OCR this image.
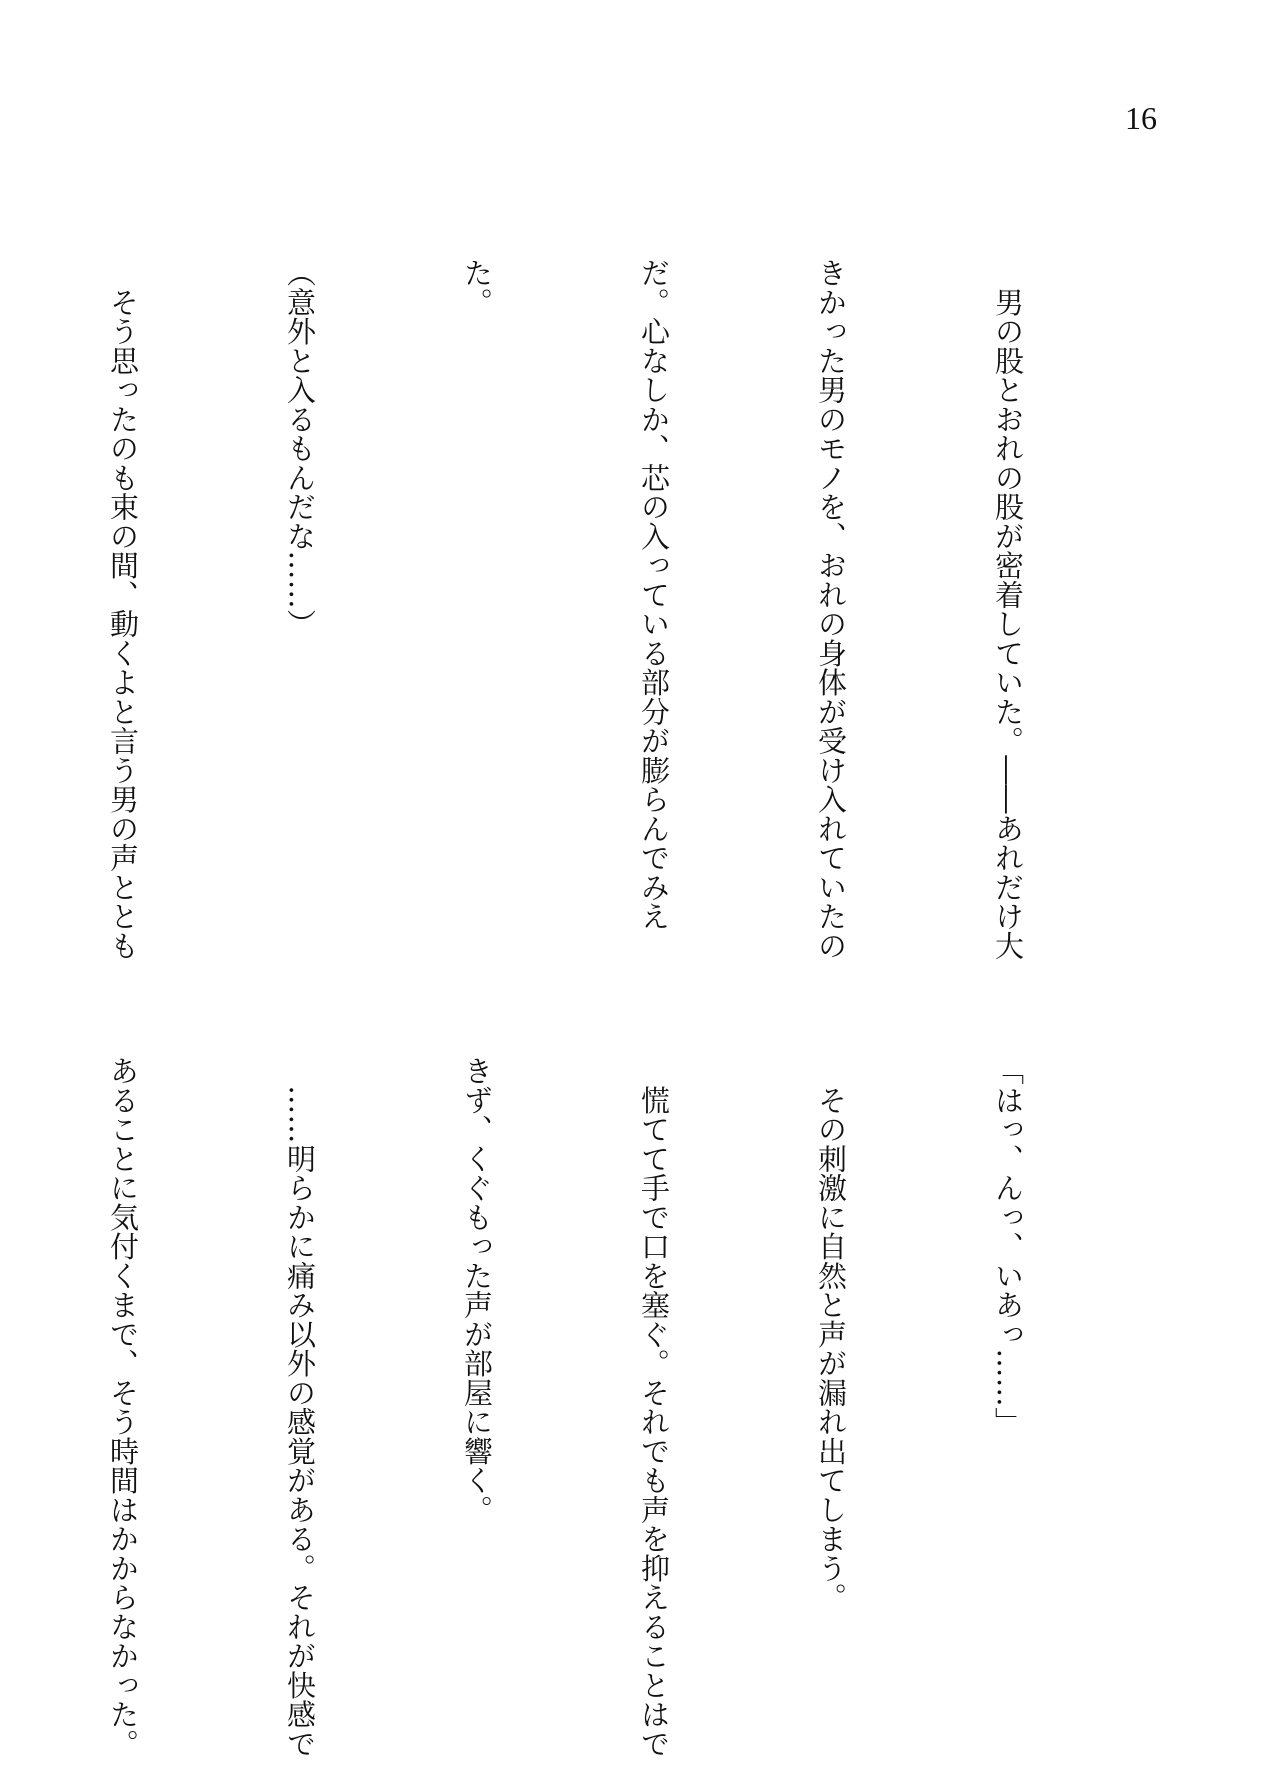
16

　男の股とおれの股が密着していた。――あれだけ大

きかった男のモノを、おれの身体が受け入れていたの

だ。心なしか、芯の入っている部分が膨らんでみえ

た。

（意外と入るもんだな……）

　そう思ったのも束の間、動くよと言う男の声ととも

「はっ、んっ、いあっ……」

　その刺激に自然と声が漏れ出てしまう。

　慌てて手で口を塞ぐ。それでも声を抑えることはで

きず、くぐもった声が部屋に響く。

　……明らかに痛み以外の感覚がある。それが快感で

あることに気付くまで、そう時間はかからなかった。
